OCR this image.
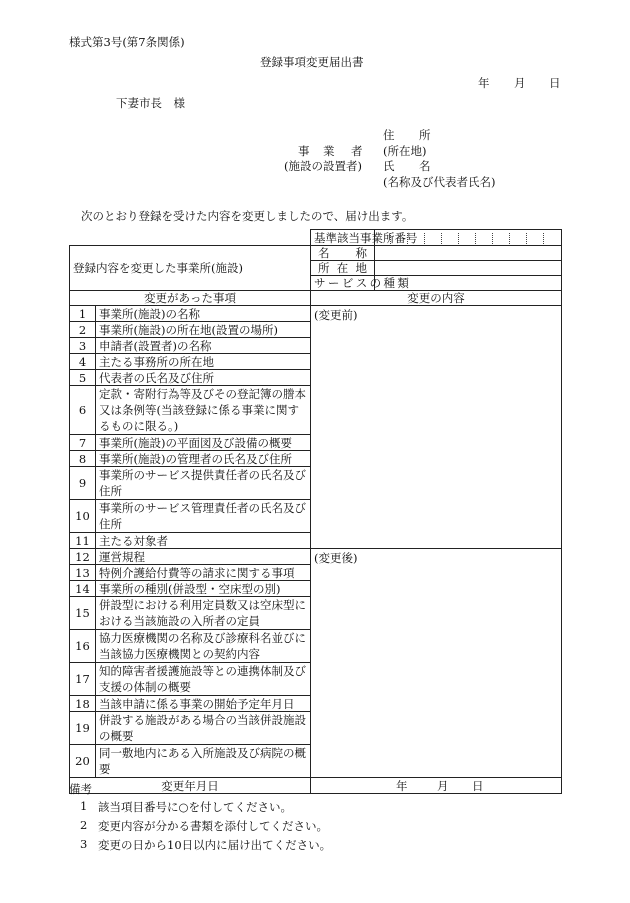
様式第3号(第7条関係)
登録事項変更届出書
年 月 日
下妻市長　様
住 所
事 業 者 (所在地)
(施設の設置者) 氏 名
(名称及び代表者氏名)
次のとおり登録を受けた内容を変更しましたので、届け出ます。
		基準該当事業所番号	

登録内容を変更した事業所(施設)		名 称	

		所 在 地	

		サービスの種類	
変更があった事項		変更の内容	
1	事業所(施設)の名称	(変更前)	
2	事業所(施設)の所在地(設置の場所)		
3	申請者(設置者)の名称		
4	主たる事務所の所在地		
5	代表者の氏名及び住所		
6	定款・寄附行為等及びその登記簿の謄本又は条例等(当該登録に係る事業に関するものに限る。)		
7	事業所(施設)の平面図及び設備の概要		
8	事業所(施設)の管理者の氏名及び住所		
9	事業所のサービス提供責任者の氏名及び住所		
10	事業所のサービス管理責任者の氏名及び住所		
11	主たる対象者		
12	運営規程	(変更後)	
13	特例介護給付費等の請求に関する事項		
14	事業所の種別(併設型・空床型の別)		
15	併設型における利用定員数又は空床型における当該施設の入所者の定員		
16	協力医療機関の名称及び診療科名並びに当該協力医療機関との契約内容		
17	知的障害者援護施設等との連携体制及び支援の体制の概要		
18	当該申請に係る事業の開始予定年月日		
19	併設する施設がある場合の当該併設施設の概要		
20	同一敷地内にある入所施設及び病院の概要		
変更年月日		年 月 日	
備考
1 該当項目番号に○を付してください。
2 変更内容が分かる書類を添付してください。
3 変更の日から10日以内に届け出てください。
